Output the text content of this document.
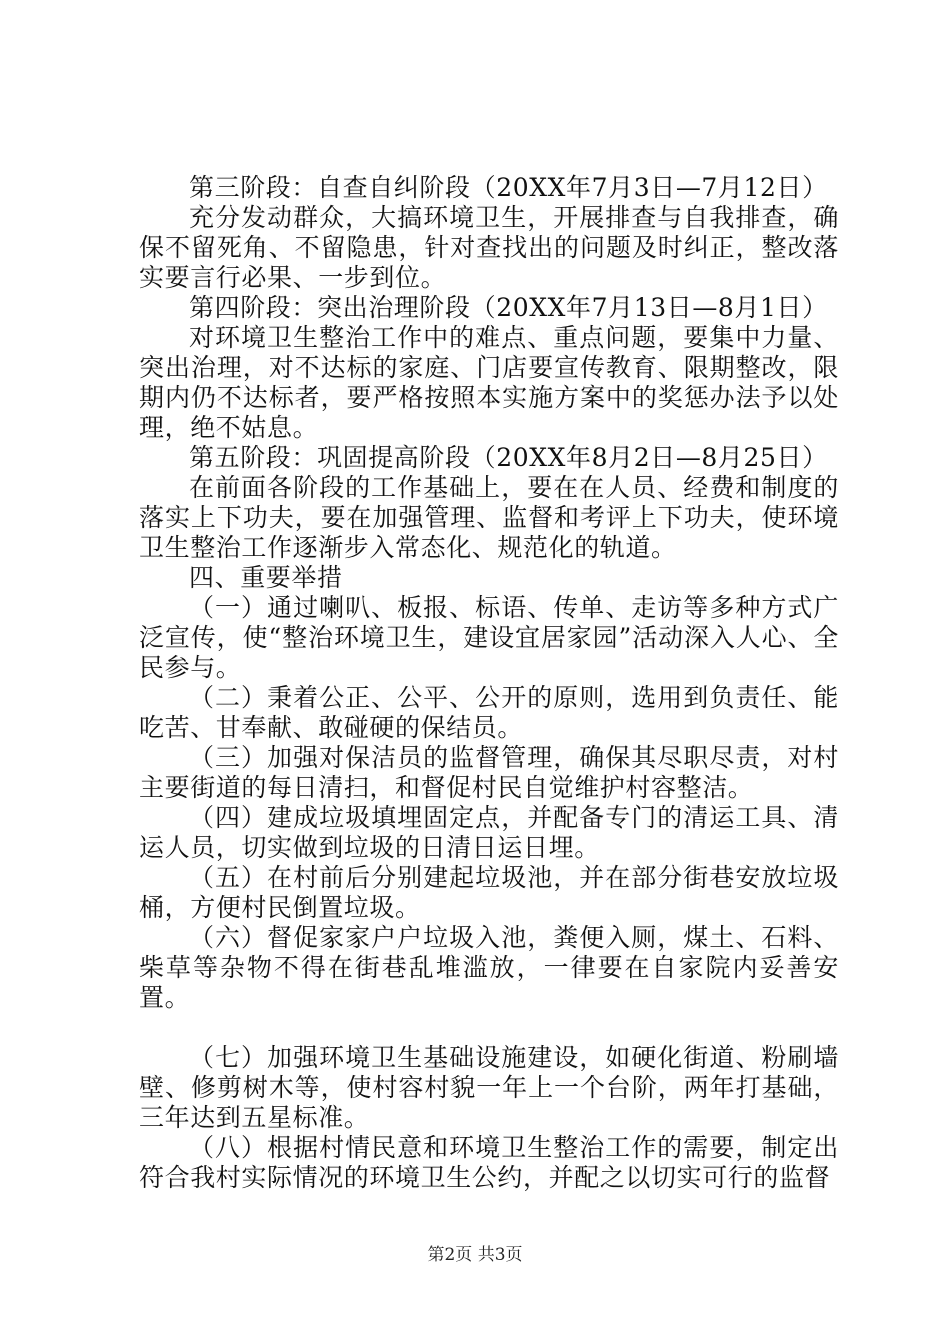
第三阶段：自查自纠阶段（20XX年7月3日—7月12日）

充分发动群众，大搞环境卫生，开展排查与自我排查，确保不留死角、不留隐患，针对查找出的问题及时纠正，整改落实要言行必果、一步到位。

第四阶段：突出治理阶段（20XX年7月13日—8月1日）

对环境卫生整治工作中的难点、重点问题，要集中力量、突出治理，对不达标的家庭、门店要宣传教育、限期整改，限期内仍不达标者，要严格按照本实施方案中的奖惩办法予以处理，绝不姑息。

第五阶段：巩固提高阶段（20XX年8月2日—8月25日）

在前面各阶段的工作基础上，要在在人员、经费和制度的落实上下功夫，要在加强管理、监督和考评上下功夫，使环境卫生整治工作逐渐步入常态化、规范化的轨道。

四、重要举措

（一）通过喇叭、板报、标语、传单、走访等多种方式广泛宣传，使“整治环境卫生，建设宜居家园”活动深入人心、全民参与。

（二）秉着公正、公平、公开的原则，选用到负责任、能吃苦、甘奉献、敢碰硬的保结员。

（三）加强对保洁员的监督管理，确保其尽职尽责，对村主要街道的每日清扫，和督促村民自觉维护村容整洁。

（四）建成垃圾填埋固定点，并配备专门的清运工具、清运人员，切实做到垃圾的日清日运日埋。

（五）在村前后分别建起垃圾池，并在部分街巷安放垃圾桶，方便村民倒置垃圾。

（六）督促家家户户垃圾入池，粪便入厕，煤土、石料、柴草等杂物不得在街巷乱堆滥放，一律要在自家院内妥善安置。

（七）加强环境卫生基础设施建设，如硬化街道、粉刷墙壁、修剪树木等，使村容村貌一年上一个台阶，两年打基础，三年达到五星标准。

（八）根据村情民意和环境卫生整治工作的需要，制定出符合我村实际情况的环境卫生公约，并配之以切实可行的监督

第2页 共3页
